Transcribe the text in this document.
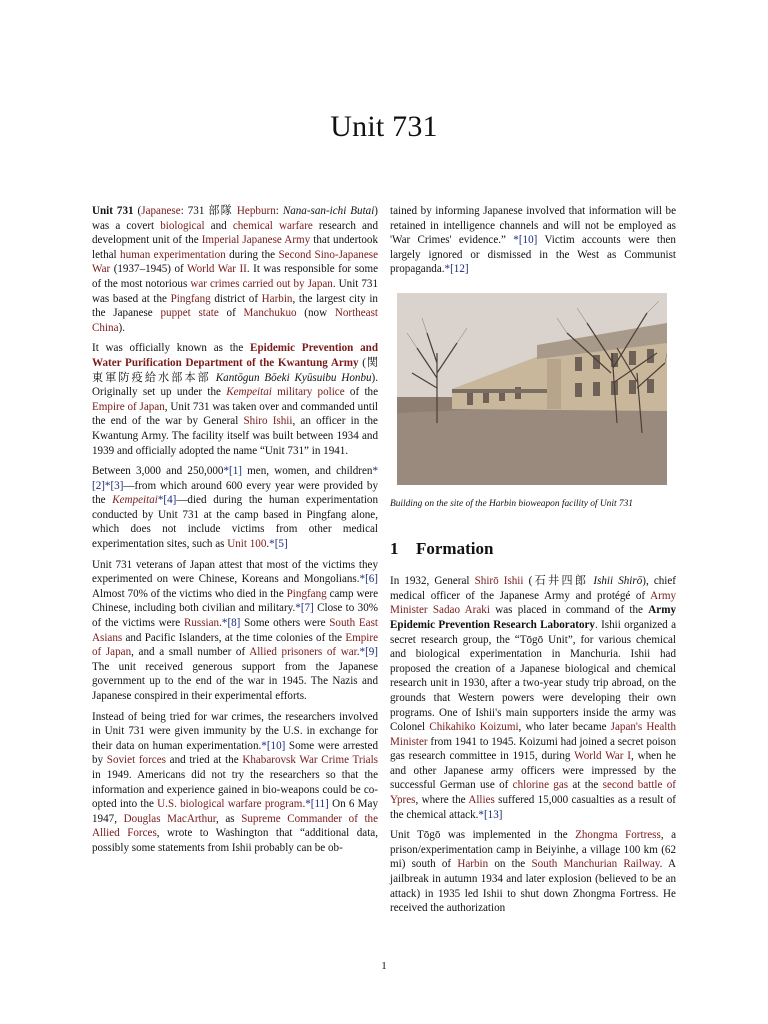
Unit 731

Unit 731 (Japanese: 731 部隊 Hepburn: Nana-san-ichi Butai) was a covert biological and chemical warfare research and development unit of the Imperial Japanese Army that undertook lethal human experimentation during the Second Sino-Japanese War (1937–1945) of World War II. It was responsible for some of the most notorious war crimes carried out by Japan. Unit 731 was based at the Pingfang district of Harbin, the largest city in the Japanese puppet state of Manchukuo (now Northeast China).

It was officially known as the Epidemic Prevention and Water Purification Department of the Kwantung Army (関東軍防疫給水部本部 Kantōgun Bōeki Kyūsuibu Honbu). Originally set up under the Kempeitai military police of the Empire of Japan, Unit 731 was taken over and commanded until the end of the war by General Shiro Ishii, an officer in the Kwantung Army. The facility itself was built between 1934 and 1939 and officially adopted the name “Unit 731” in 1941.

Between 3,000 and 250,000*[1] men, women, and children*[2]*[3]—from which around 600 every year were provided by the Kempeitai*[4]—died during the human experimentation conducted by Unit 731 at the camp based in Pingfang alone, which does not include victims from other medical experimentation sites, such as Unit 100.*[5]

Unit 731 veterans of Japan attest that most of the victims they experimented on were Chinese, Koreans and Mongolians.*[6] Almost 70% of the victims who died in the Pingfang camp were Chinese, including both civilian and military.*[7] Close to 30% of the victims were Russian.*[8] Some others were South East Asians and Pacific Islanders, at the time colonies of the Empire of Japan, and a small number of Allied prisoners of war.*[9] The unit received generous support from the Japanese government up to the end of the war in 1945. The Nazis and Japanese conspired in their experimental efforts.

Instead of being tried for war crimes, the researchers involved in Unit 731 were given immunity by the U.S. in exchange for their data on human experimentation.*[10] Some were arrested by Soviet forces and tried at the Khabarovsk War Crime Trials in 1949. Americans did not try the researchers so that the information and experience gained in bio-weapons could be co-opted into the U.S. biological warfare program.*[11] On 6 May 1947, Douglas MacArthur, as Supreme Commander of the Allied Forces, wrote to Washington that “additional data, possibly some statements from Ishii probably can be ob-

tained by informing Japanese involved that information will be retained in intelligence channels and will not be employed as 'War Crimes' evidence.” *[10] Victim accounts were then largely ignored or dismissed in the West as Communist propaganda.*[12]

Building on the site of the Harbin bioweapon facility of Unit 731
1 Formation

In 1932, General Shirō Ishii (石井四郎 Ishii Shirō), chief medical officer of the Japanese Army and protégé of Army Minister Sadao Araki was placed in command of the Army Epidemic Prevention Research Laboratory. Ishii organized a secret research group, the “Tōgō Unit”, for various chemical and biological experimentation in Manchuria. Ishii had proposed the creation of a Japanese biological and chemical research unit in 1930, after a two-year study trip abroad, on the grounds that Western powers were developing their own programs. One of Ishii's main supporters inside the army was Colonel Chikahiko Koizumi, who later became Japan's Health Minister from 1941 to 1945. Koizumi had joined a secret poison gas research committee in 1915, during World War I, when he and other Japanese army officers were impressed by the successful German use of chlorine gas at the second battle of Ypres, where the Allies suffered 15,000 casualties as a result of the chemical attack.*[13]

Unit Tōgō was implemented in the Zhongma Fortress, a prison/experimentation camp in Beiyinhe, a village 100 km (62 mi) south of Harbin on the South Manchurian Railway. A jailbreak in autumn 1934 and later explosion (believed to be an attack) in 1935 led Ishii to shut down Zhongma Fortress. He received the authorization

1
